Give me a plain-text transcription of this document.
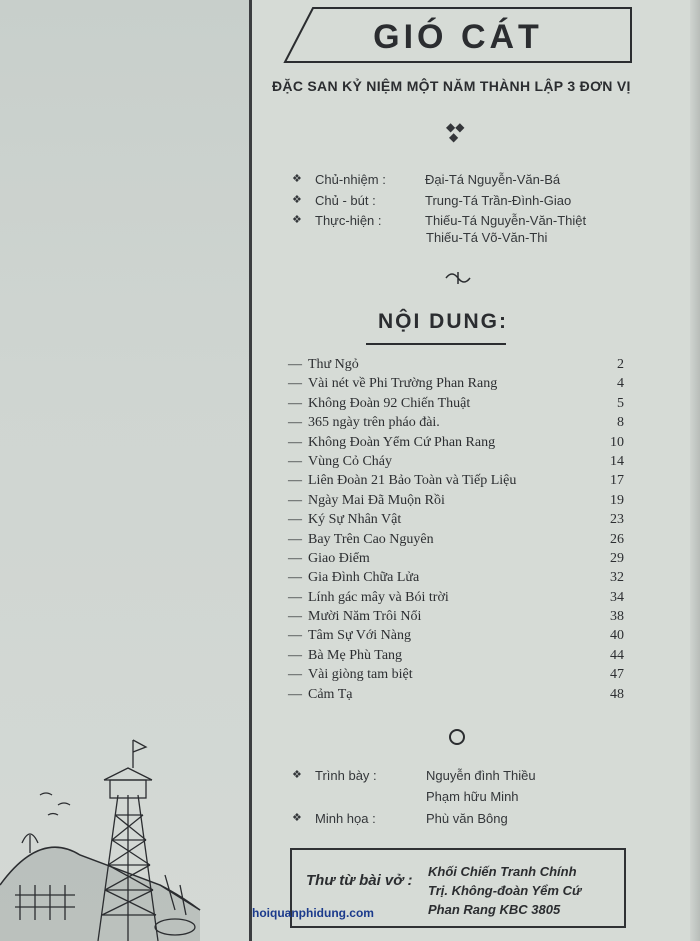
GIÓ CÁT
ĐẶC SAN KỶ NIỆM MỘT NĂM THÀNH LẬP 3 ĐƠN VỊ
◆◆
◆
❖ Chủ-nhiệm :	Đại-Tá Nguyễn-Văn-Bá
❖ Chủ - bút :	Trung-Tá Trần-Đình-Giao
❖ Thực-hiện :	Thiếu-Tá Nguyễn-Văn-Thiệt
Thiếu-Tá Võ-Văn-Thi
NỘI DUNG:
— Thư Ngỏ	2
— Vài nét về Phi Trường Phan Rang	4
— Không Đoàn 92 Chiến Thuật	5
— 365 ngày trên pháo đài.	8
— Không Đoàn Yểm Cứ Phan Rang	10
— Vùng Cỏ Cháy	14
— Liên Đoàn 21 Bảo Toàn và Tiếp Liệu	17
— Ngày Mai Đã Muộn Rồi	19
— Ký Sự Nhân Vật	23
— Bay Trên Cao Nguyên	26
— Giao Điểm	29
— Gia Đình Chữa Lửa	32
— Lính gác mây và Bói trời	34
— Mười Năm Trôi Nổi	38
— Tâm Sự Với Nàng	40
— Bà Mẹ Phù Tang	44
— Vài giòng tam biệt	47
— Cảm Tạ	48
❖ Trình bày :	Nguyễn đình Thiều
Phạm hữu Minh
❖ Minh họa :	Phù văn Bông
Thư từ bài vở :
Khối Chiến Tranh Chính
Trị. Không-đoàn Yểm Cứ
Phan Rang KBC 3805
hoiquanphidung.com
